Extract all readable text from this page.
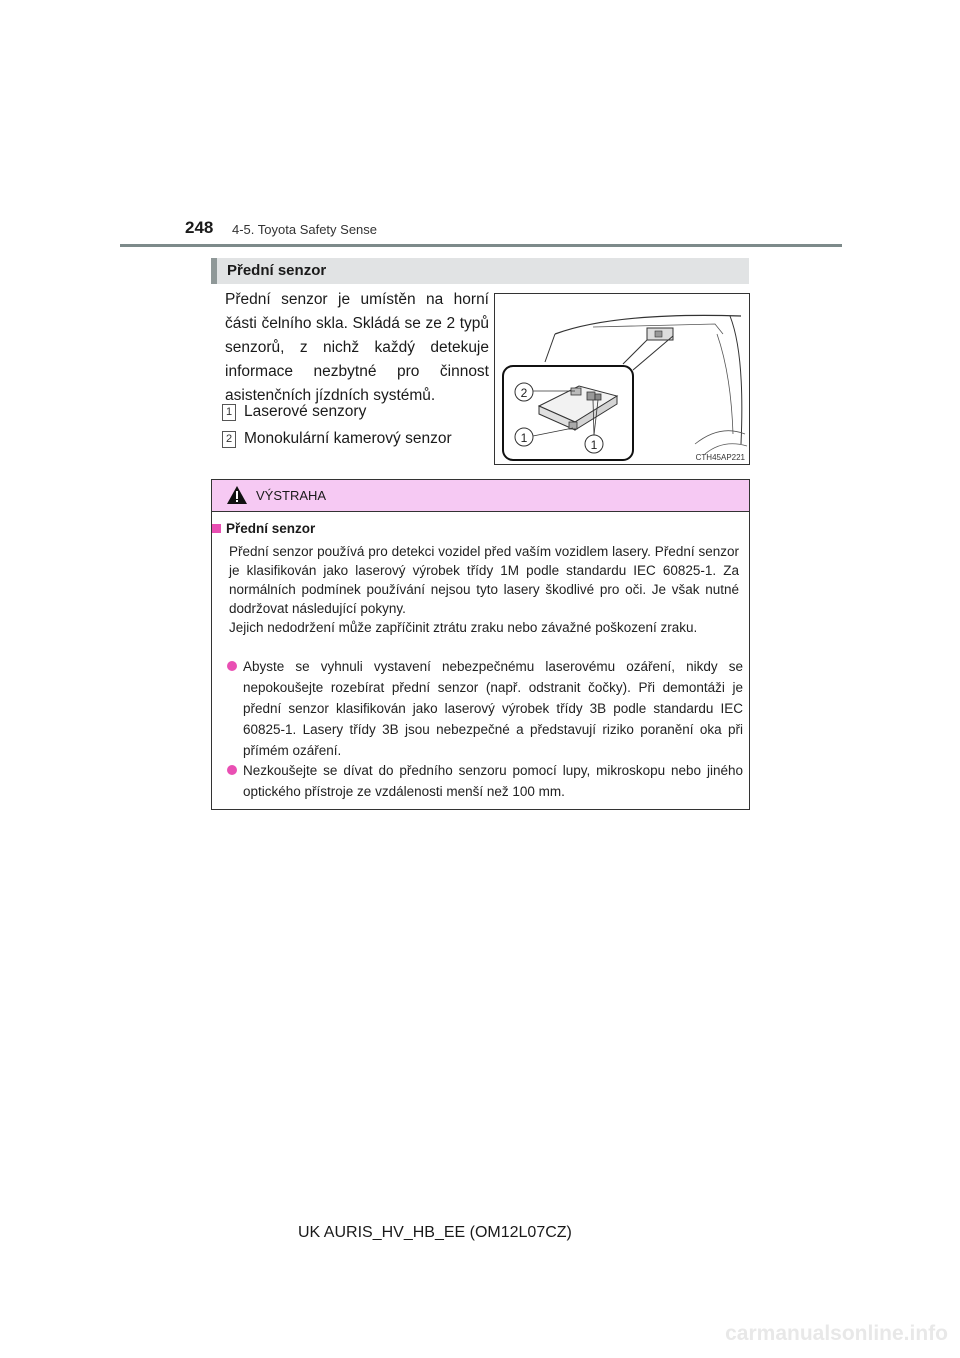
248 4-5. Toyota Safety Sense
Přední senzor
Přední senzor je umístěn na horní části čelního skla. Skládá se ze 2 typů senzorů, z nichž každý detekuje informace nezbytné pro činnost asistenčních jízdních systémů.
1 Laserové senzory
2 Monokulární kamerový senzor
2
1	1
CTH45AP221
VÝSTRAHA
Přední senzor
Přední senzor používá pro detekci vozidel před vaším vozidlem lasery. Přední senzor je klasifikován jako laserový výrobek třídy 1M podle standardu IEC 60825-1. Za normálních podmínek používání nejsou tyto lasery škodlivé pro oči. Je však nutné dodržovat následující pokyny.
Jejich nedodržení může zapříčinit ztrátu zraku nebo závažné poškození zraku.
Abyste se vyhnuli vystavení nebezpečnému laserovému ozáření, nikdy se nepokoušejte rozebírat přední senzor (např. odstranit čočky). Při demontáži je přední senzor klasifikován jako laserový výrobek třídy 3B podle standardu IEC 60825-1. Lasery třídy 3B jsou nebezpečné a představují riziko poranění oka při přímém ozáření.
Nezkoušejte se dívat do předního senzoru pomocí lupy, mikroskopu nebo jiného optického přístroje ze vzdálenosti menší než 100 mm.
UK AURIS_HV_HB_EE (OM12L07CZ)
carmanualsonline.info
